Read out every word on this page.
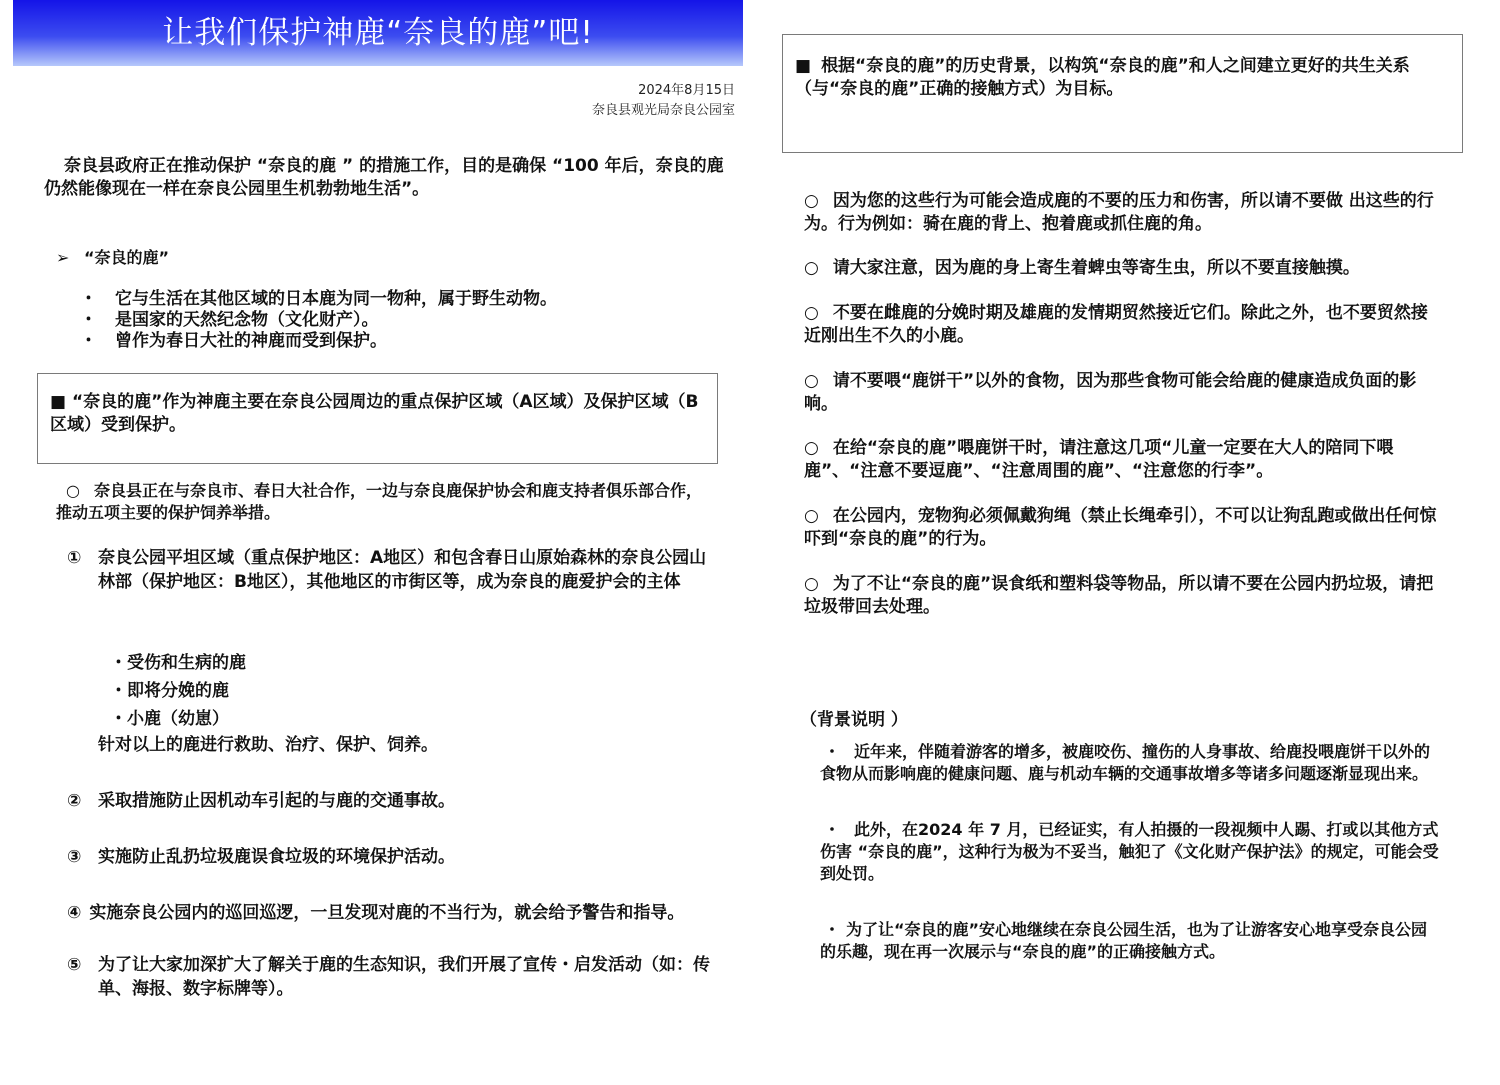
让我们保护神鹿“奈良的鹿”吧!
2024年8月15日
奈良县观光局奈良公园室

奈良县政府正在推动保护 “奈良的鹿 ” 的措施工作，目的是确保 “100 年后，奈良的鹿仍然能像现在一样在奈良公园里生机勃勃地生活”。

➢ “奈良的鹿”
・	它与生活在其他区域的日本鹿为同一物种，属于野生动物。
・	是国家的天然纪念物（文化财产）。
・	曾作为春日大社的神鹿而受到保护。

■ “奈良的鹿”作为神鹿主要在奈良公园周边的重点保护区域（A区域）及保护区域（B区域）受到保护。

○ 奈良县正在与奈良市、春日大社合作，一边与奈良鹿保护协会和鹿支持者俱乐部合作，推动五项主要的保护饲养举措。

① 奈良公园平坦区域（重点保护地区：A地区）和包含春日山原始森林的奈良公园山林部（保护地区：B地区），其他地区的市街区等，成为奈良的鹿爱护会的主体
・受伤和生病的鹿
・即将分娩的鹿
・小鹿（幼崽）

针对以上的鹿进行救助、治疗、保护、饲养。

② 采取措施防止因机动车引起的与鹿的交通事故。
③ 实施防止乱扔垃圾鹿误食垃圾的环境保护活动。

④ 实施奈良公园内的巡回巡逻，一旦发现对鹿的不当行为，就会给予警告和指导。

⑤ 为了让大家加深扩大了解关于鹿的生态知识，我们开展了宣传・启发活动（如：传单、海报、数字标牌等）。

■ 根据“奈良的鹿”的历史背景，以构筑“奈良的鹿”和人之间建立更好的共生关系（与“奈良的鹿”正确的接触方式）为目标。

○ 因为您的这些行为可能会造成鹿的不要的压力和伤害，所以请不要做 出这些的行为。行为例如：骑在鹿的背上、抱着鹿或抓住鹿的角。

○ 请大家注意，因为鹿的身上寄生着蜱虫等寄生虫，所以不要直接触摸。

○ 不要在雌鹿的分娩时期及雄鹿的发情期贸然接近它们。除此之外，也不要贸然接近刚出生不久的小鹿。

○ 请不要喂“鹿饼干”以外的食物，因为那些食物可能会给鹿的健康造成负面的影响。

○ 在给“奈良的鹿”喂鹿饼干时，请注意这几项“儿童一定要在大人的陪同下喂鹿”、“注意不要逗鹿”、“注意周围的鹿”、“注意您的行李”。

○ 在公园内，宠物狗必须佩戴狗绳（禁止长绳牵引），不可以让狗乱跑或做出任何惊吓到“奈良的鹿”的行为。

○ 为了不让“奈良的鹿”误食纸和塑料袋等物品，所以请不要在公园内扔垃圾，请把垃圾带回去处理。

（背景说明 ）

・ 近年来，伴随着游客的增多，被鹿咬伤、撞伤的人身事故、给鹿投喂鹿饼干以外的食物从而影响鹿的健康问题、鹿与机动车辆的交通事故增多等诸多问题逐渐显现出来。

・ 此外，在2024 年 7 月，已经证实，有人拍摄的一段视频中人踢、打或以其他方式伤害 “奈良的鹿”，这种行为极为不妥当，触犯了《文化财产保护法》的规定，可能会受到处罚。

・ 为了让“奈良的鹿”安心地继续在奈良公园生活，也为了让游客安心地享受奈良公园的乐趣，现在再一次展示与“奈良的鹿”的正确接触方式。
